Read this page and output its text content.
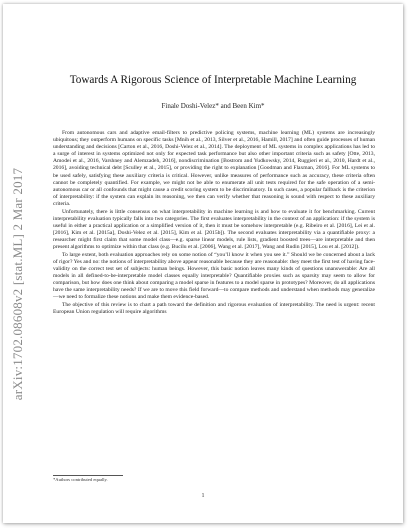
arXiv:1702.08608v2 [stat.ML] 2 Mar 2017
Towards A Rigorous Science of Interpretable Machine Learning
Finale Doshi-Velez* and Been Kim*

From autonomous cars and adaptive email-filters to predictive policing systems, machine learning (ML) systems are increasingly ubiquitous; they outperform humans on specific tasks [Mnih et al., 2013, Silver et al., 2016, Hamill, 2017] and often guide processes of human understanding and decisions [Carton et al., 2016, Doshi-Velez et al., 2014]. The deployment of ML systems in complex applications has led to a surge of interest in systems optimized not only for expected task performance but also other important criteria such as safety [Otte, 2013, Amodei et al., 2016, Varshney and Alemzadeh, 2016], nondiscrimination [Bostrom and Yudkowsky, 2014, Ruggieri et al., 2010, Hardt et al., 2016], avoiding technical debt [Sculley et al., 2015], or providing the right to explanation [Goodman and Flaxman, 2016]. For ML systems to be used safely, satisfying these auxiliary criteria is critical. However, unlike measures of performance such as accuracy, these criteria often cannot be completely quantified. For example, we might not be able to enumerate all unit tests required for the safe operation of a semi-autonomous car or all confounds that might cause a credit scoring system to be discriminatory. In such cases, a popular fallback is the criterion of interpretability: if the system can explain its reasoning, we then can verify whether that reasoning is sound with respect to these auxiliary criteria.

Unfortunately, there is little consensus on what interpretability in machine learning is and how to evaluate it for benchmarking. Current interpretability evaluation typically falls into two categories. The first evaluates interpretability in the context of an application: if the system is useful in either a practical application or a simplified version of it, then it must be somehow interpretable (e.g. Ribeiro et al. [2016], Lei et al. [2016], Kim et al. [2015a], Doshi-Velez et al. [2015], Kim et al. [2015b]). The second evaluates interpretability via a quantifiable proxy: a researcher might first claim that some model class—e.g. sparse linear models, rule lists, gradient boosted trees—are interpretable and then present algorithms to optimize within that class (e.g. Bucilu et al. [2006], Wang et al. [2017], Wang and Rudin [2015], Lou et al. [2012]).

To large extent, both evaluation approaches rely on some notion of “you’ll know it when you see it.” Should we be concerned about a lack of rigor? Yes and no: the notions of interpretability above appear reasonable because they are reasonable: they meet the first test of having face-validity on the correct test set of subjects: human beings. However, this basic notion leaves many kinds of questions unanswerable: Are all models in all defined-to-be-interpretable model classes equally interpretable? Quantifiable proxies such as sparsity may seem to allow for comparison, but how does one think about comparing a model sparse in features to a model sparse in prototypes? Moreover, do all applications have the same interpretability needs? If we are to move this field forward—to compare methods and understand when methods may generalize—we need to formalize these notions and make them evidence-based.

The objective of this review is to chart a path toward the definition and rigorous evaluation of interpretability. The need is urgent: recent European Union regulation will require algorithms

*Authors contributed equally.
1
